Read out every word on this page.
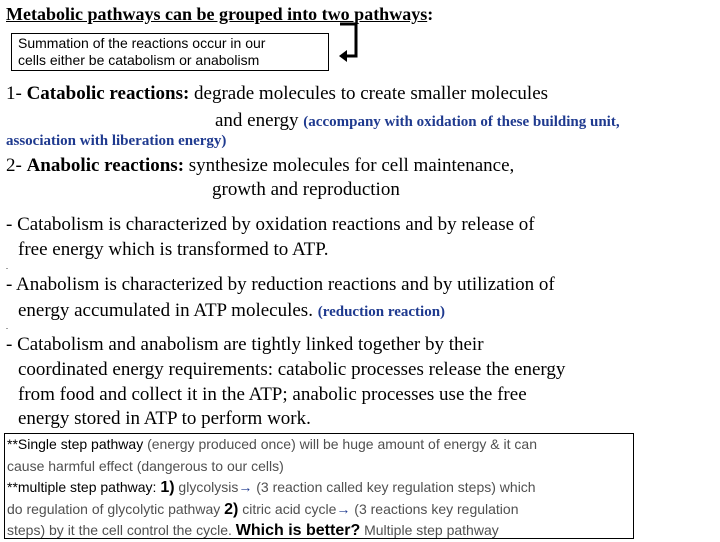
Metabolic pathways can be grouped into two pathways:
Summation of the reactions occur in our
cells either be catabolism or anabolism
1- Catabolic reactions: degrade molecules to create smaller molecules
and energy (accompany with oxidation of these building unit,
association with liberation energy)
2- Anabolic reactions: synthesize molecules for cell maintenance,
growth and reproduction
- Catabolism is characterized by oxidation reactions and by release of
free energy which is transformed to ATP.
.
- Anabolism is characterized by reduction reactions and by utilization of
energy accumulated in ATP molecules. (reduction reaction)
.
- Catabolism and anabolism are tightly linked together by their
coordinated energy requirements: catabolic processes release the energy
from food and collect it in the ATP; anabolic processes use the free
energy stored in ATP to perform work.
**Single step pathway (energy produced once) will be huge amount of energy & it can
cause harmful effect (dangerous to our cells)
**multiple step pathway: 1) glycolysis→ (3 reaction called key regulation steps) which
do regulation of glycolytic pathway 2) citric acid cycle→ (3 reactions key regulation
steps) by it the cell control the cycle. Which is better? Multiple step pathway
